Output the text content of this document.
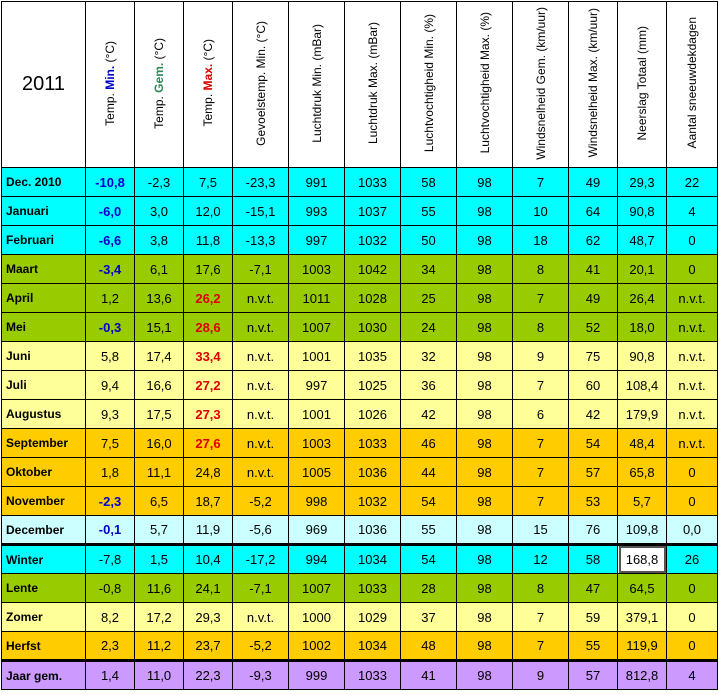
2011	Temp. Min. (°C)	Temp. Gem. (°C)	Temp. Max. (°C)	Gevoelstemp. Min. (°C)	Luchtdruk Min. (mBar)	Luchtdruk Max. (mBar)	Luchtvochtigheid Min. (%)	Luchtvochtigheid Max. (%)	Windsnelheid Gem. (km/uur)	Windsnelheid Max. (km/uur)	Neerslag Totaal (mm)	Aantal sneeuwdekdagen
Dec. 2010	-10,8	-2,3	7,5	-23,3	991	1033	58	98	7	49	29,3	22
Januari	-6,0	3,0	12,0	-15,1	993	1037	55	98	10	64	90,8	4
Februari	-6,6	3,8	11,8	-13,3	997	1032	50	98	18	62	48,7	0
Maart	-3,4	6,1	17,6	-7,1	1003	1042	34	98	8	41	20,1	0
April	1,2	13,6	26,2	n.v.t.	1011	1028	25	98	7	49	26,4	n.v.t.
Mei	-0,3	15,1	28,6	n.v.t.	1007	1030	24	98	8	52	18,0	n.v.t.
Juni	5,8	17,4	33,4	n.v.t.	1001	1035	32	98	9	75	90,8	n.v.t.
Juli	9,4	16,6	27,2	n.v.t.	997	1025	36	98	7	60	108,4	n.v.t.
Augustus	9,3	17,5	27,3	n.v.t.	1001	1026	42	98	6	42	179,9	n.v.t.
September	7,5	16,0	27,6	n.v.t.	1003	1033	46	98	7	54	48,4	n.v.t.
Oktober	1,8	11,1	24,8	n.v.t.	1005	1036	44	98	7	57	65,8	0
November	-2,3	6,5	18,7	-5,2	998	1032	54	98	7	53	5,7	0
December	-0,1	5,7	11,9	-5,6	969	1036	55	98	15	76	109,8	0,0
Winter	-7,8	1,5	10,4	-17,2	994	1034	54	98	12	58	168,8	26
Lente	-0,8	11,6	24,1	-7,1	1007	1033	28	98	8	47	64,5	0
Zomer	8,2	17,2	29,3	n.v.t.	1000	1029	37	98	7	59	379,1	0
Herfst	2,3	11,2	23,7	-5,2	1002	1034	48	98	7	55	119,9	0
Jaar gem.	1,4	11,0	22,3	-9,3	999	1033	41	98	9	57	812,8	4
